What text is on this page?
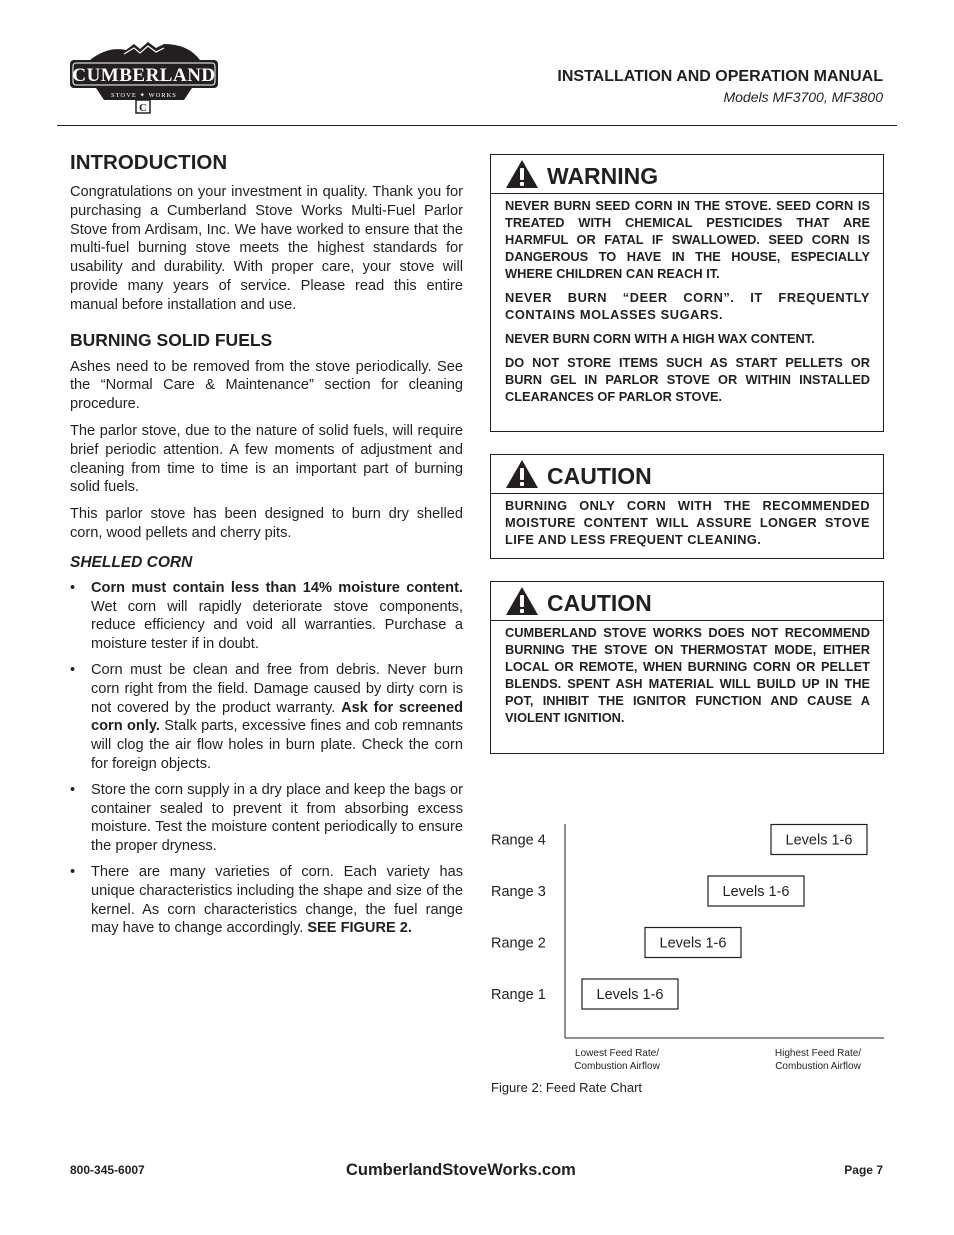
CUMBERLAND
STOVE ✦ WORKS
C
INSTALLATION AND OPERATION MANUAL
Models MF3700, MF3800
INTRODUCTION

Congratulations on your investment in quality. Thank you for purchasing a Cumberland Stove Works Multi-Fuel Parlor Stove from Ardisam, Inc. We have worked to ensure that the multi-fuel burning stove meets the highest standards for usability and durability. With proper care, your stove will provide many years of service. Please read this entire manual before installation and use.

BURNING SOLID FUELS

Ashes need to be removed from the stove periodically. See the “Normal Care & Maintenance” section for cleaning procedure.

The parlor stove, due to the nature of solid fuels, will require brief periodic attention. A few moments of adjustment and cleaning from time to time is an important part of burning solid fuels.

This parlor stove has been designed to burn dry shelled corn, wood pellets and cherry pits.

SHELLED CORN
• Corn must contain less than 14% moisture content. Wet corn will rapidly deteriorate stove components, reduce efficiency and void all warranties. Purchase a moisture tester if in doubt.
• Corn must be clean and free from debris. Never burn corn right from the field. Damage caused by dirty corn is not covered by the product warranty. Ask for screened corn only. Stalk parts, excessive fines and cob remnants will clog the air flow holes in burn plate. Check the corn for foreign objects.
• Store the corn supply in a dry place and keep the bags or container sealed to prevent it from absorbing excess moisture. Test the moisture content periodically to ensure the proper dryness.
• There are many varieties of corn. Each variety has unique characteristics including the shape and size of the kernel. As corn characteristics change, the fuel range may have to change accordingly. SEE FIGURE 2.
WARNING

NEVER BURN SEED CORN IN THE STOVE. SEED CORN IS TREATED WITH CHEMICAL PESTICIDES THAT ARE HARMFUL OR FATAL IF SWALLOWED. SEED CORN IS DANGEROUS TO HAVE IN THE HOUSE, ESPECIALLY WHERE CHILDREN CAN REACH IT.

NEVER BURN “DEER CORN”. IT FREQUENTLY CONTAINS MOLASSES SUGARS.

NEVER BURN CORN WITH A HIGH WAX CONTENT.

DO NOT STORE ITEMS SUCH AS START PELLETS OR BURN GEL IN PARLOR STOVE OR WITHIN INSTALLED CLEARANCES OF PARLOR STOVE.

CAUTION

BURNING ONLY CORN WITH THE RECOMMENDED MOISTURE CONTENT WILL ASSURE LONGER STOVE LIFE AND LESS FREQUENT CLEANING.

CAUTION

CUMBERLAND STOVE WORKS DOES NOT RECOMMEND BURNING THE STOVE ON THERMOSTAT MODE, EITHER LOCAL OR REMOTE, WHEN BURNING CORN OR PELLET BLENDS. SPENT ASH MATERIAL WILL BUILD UP IN THE POT, INHIBIT THE IGNITOR FUNCTION AND CAUSE A VIOLENT IGNITION.

Range 1	Levels 1-6
Range 2	Levels 1-6
Range 3	Levels 1-6
Range 4	Levels 1-6
Lowest Feed Rate/
Combustion Airflow
Highest Feed Rate/
Combustion Airflow
Figure 2: Feed Rate Chart
800-345-6007	CumberlandStoveWorks.com	Page 7
